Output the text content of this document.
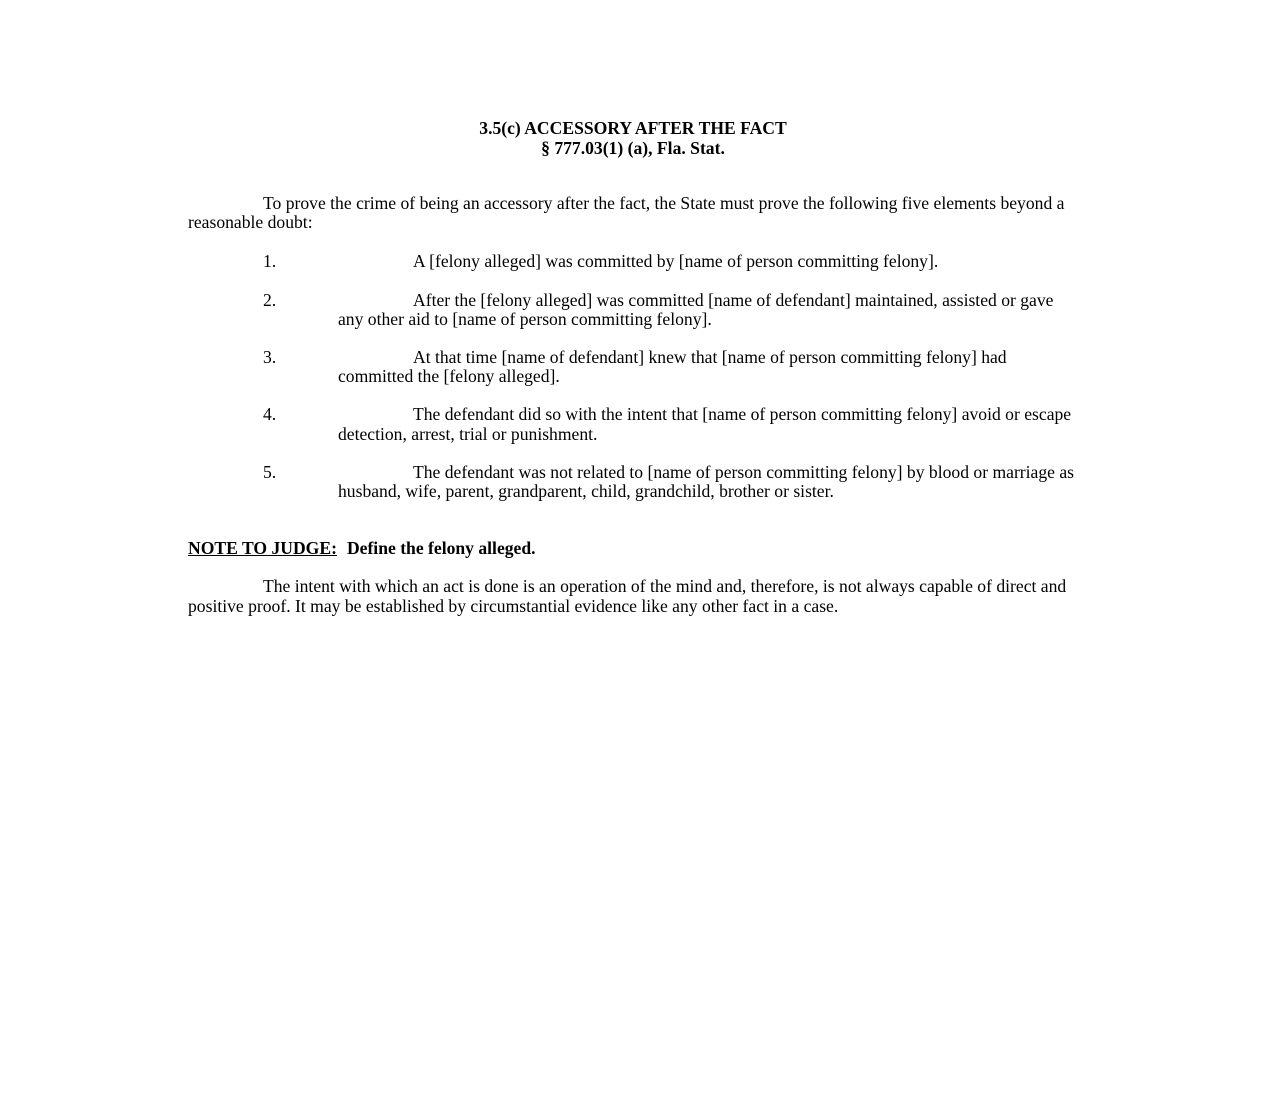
3.5(c) ACCESSORY AFTER THE FACT
§ 777.03(1) (a), Fla. Stat.

To prove the crime of being an accessory after the fact, the State must prove the following five elements beyond a reasonable doubt:

1.	A [felony alleged] was committed by [name of person committing felony].
2.	After the [felony alleged] was committed [name of defendant] maintained, assisted or gave any other aid to [name of person committing felony].
3.	At that time [name of defendant] knew that [name of person committing felony] had committed the [felony alleged].
4.	The defendant did so with the intent that [name of person committing felony] avoid or escape detection, arrest, trial or punishment.
5.	The defendant was not related to [name of person committing felony] by blood or marriage as husband, wife, parent, grandparent, child, grandchild, brother or sister.

NOTE TO JUDGE: Define the felony alleged.

The intent with which an act is done is an operation of the mind and, therefore, is not always capable of direct and positive proof. It may be established by circumstantial evidence like any other fact in a case.
